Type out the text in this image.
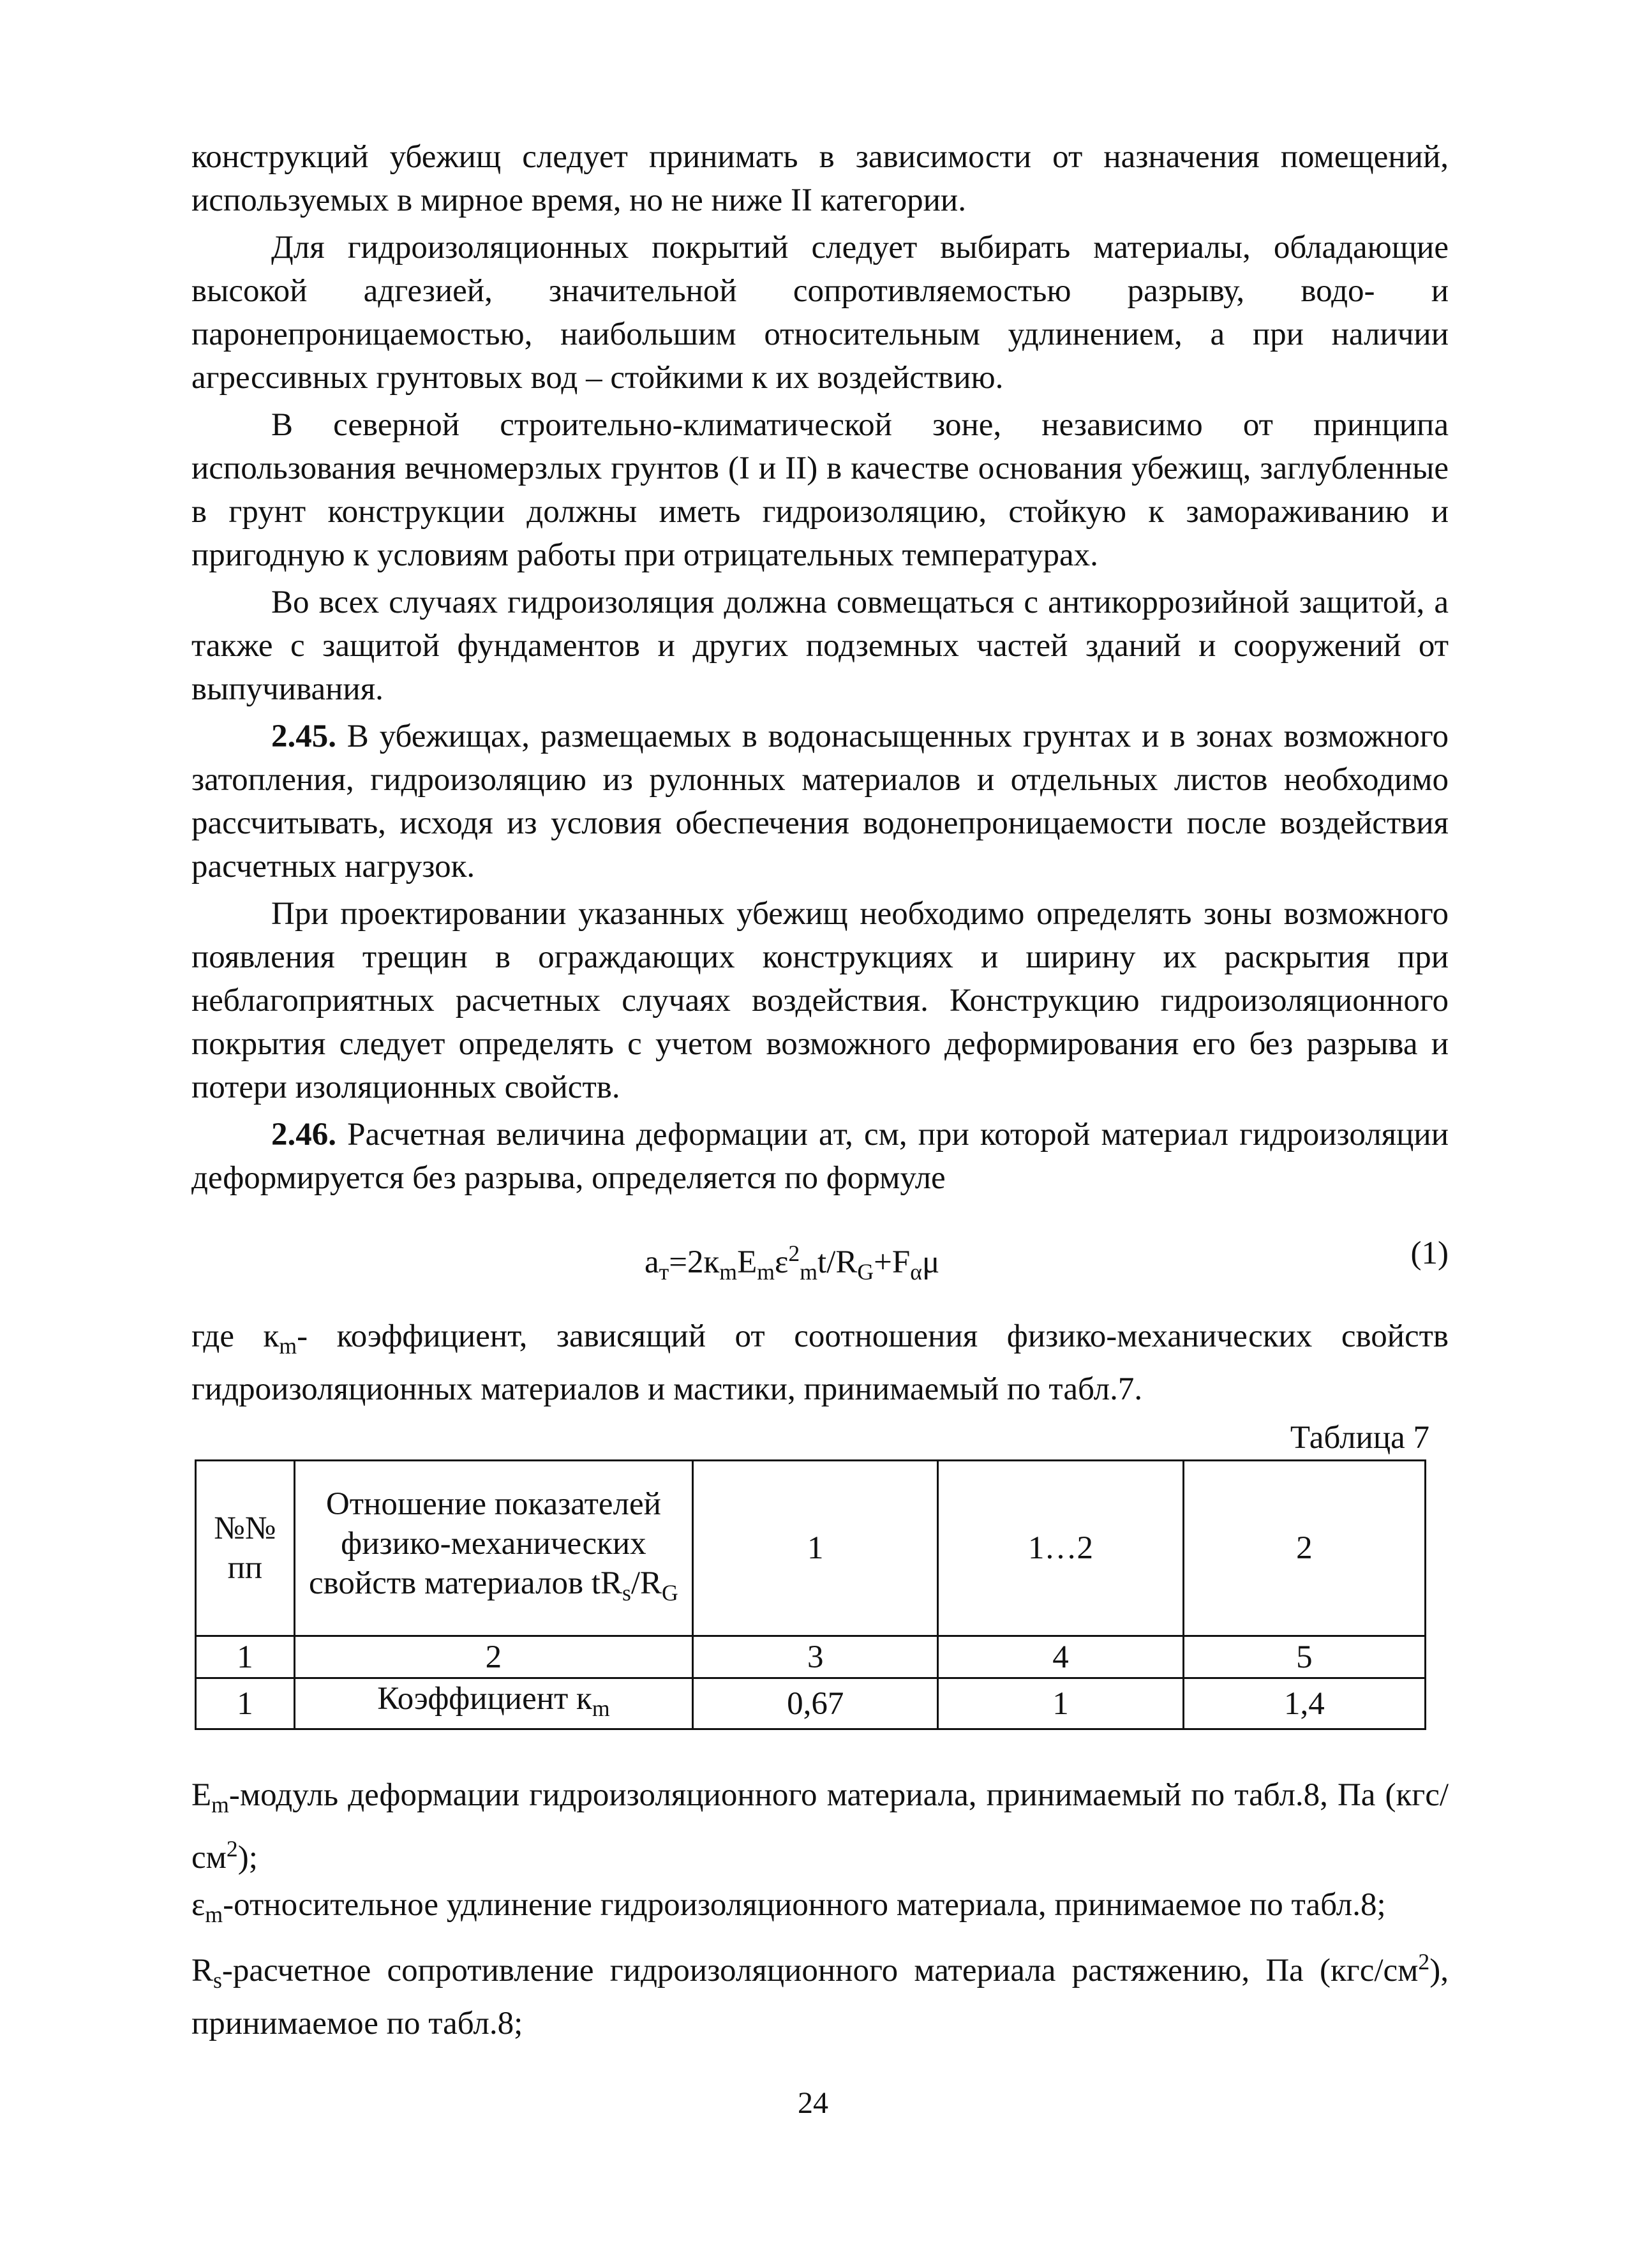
конструкций убежищ следует принимать в зависимости от назначения помещений, используемых в мирное время, но не ниже II категории.

Для гидроизоляционных покрытий следует выбирать материалы, обладающие высокой адгезией, значительной сопротивляемостью разрыву, водо- и паронепроницаемостью, наибольшим относительным удлинением, а при наличии агрессивных грунтовых вод – стойкими к их воздействию.

В северной строительно-климатической зоне, независимо от принципа использования вечномерзлых грунтов (I и II) в качестве основания убежищ, заглубленные в грунт конструкции должны иметь гидроизоляцию, стойкую к замораживанию и пригодную к условиям работы при отрицательных температурах.

Во всех случаях гидроизоляция должна совмещаться с антикоррозийной защитой, а также с защитой фундаментов и других подземных частей зданий и сооружений от выпучивания.

2.45. В убежищах, размещаемых в водонасыщенных грунтах и в зонах возможного затопления, гидроизоляцию из рулонных материалов и отдельных листов необходимо рассчитывать, исходя из условия обеспечения водонепроницаемости после воздействия расчетных нагрузок.

При проектировании указанных убежищ необходимо определять зоны возможного появления трещин в ограждающих конструкциях и ширину их раскрытия при неблагоприятных расчетных случаях воздействия. Конструкцию гидроизоляционного покрытия следует определять с учетом возможного деформирования его без разрыва и потери изоляционных свойств.

2.46. Расчетная величина деформации aт, см, при которой материал гидроизоляции деформируется без разрыва, определяется по формуле

$a_т=2к_mE_m\varepsilon^2_mt/R_G+F_\alpha\mu$	(1)

где $к_m-$ коэффициент, зависящий от соотношения физико-механических свойств гидроизоляционных материалов и мастики, принимаемый по табл.7.

Таблица 7
№№ пп	Отношение показателей физико-механических свойств материалов $tR_s/R_G$	1	1…2	2
1	2	3	4	5
1	Коэффициент $к_m$	0,67	1	1,4

$E_m$-модуль деформации гидроизоляционного материала, принимаемый по табл.8, Па $(кгс/см^2)$;

$\varepsilon_m$-относительное удлинение гидроизоляционного материала, принимаемое по табл.8;

$R_s$-расчетное сопротивление гидроизоляционного материала растяжению, Па $(кгс/см^2)$, принимаемое по табл.8;

24
